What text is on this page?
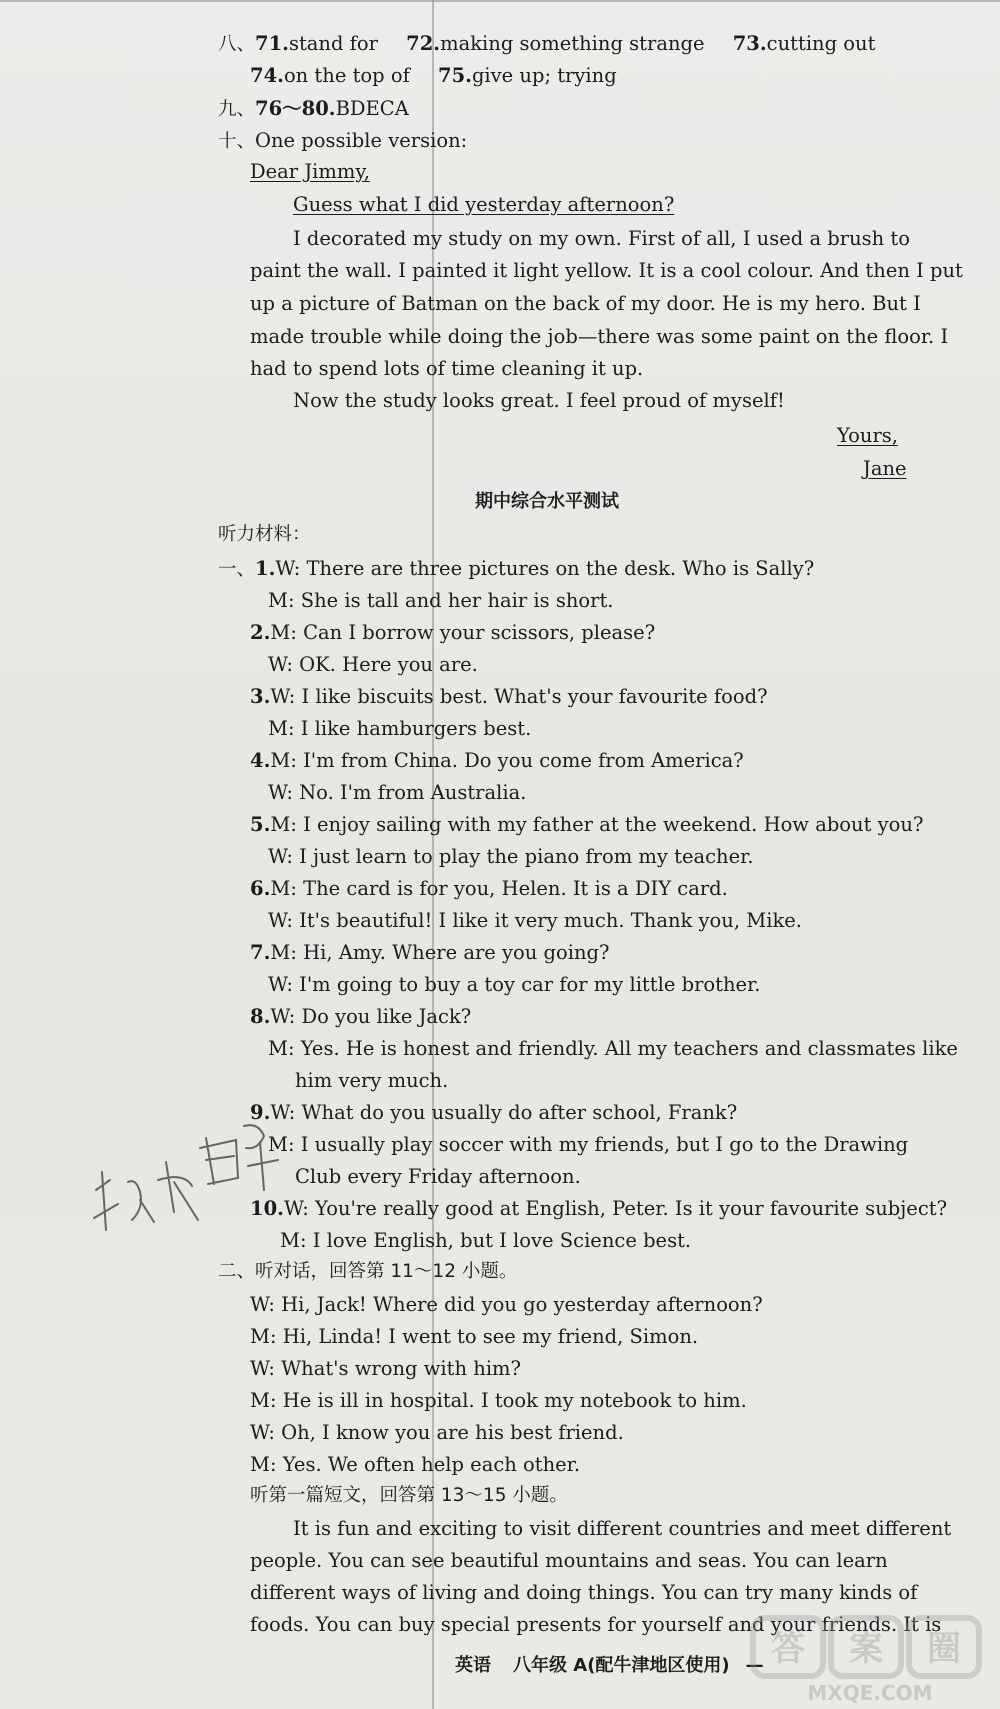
八、71.stand for 72.making something strange 73.cutting out
74.on the top of 75.give up; trying
九、76～80.BDECA
十、One possible version:
Dear Jimmy,
Guess what I did yesterday afternoon?
I decorated my study on my own. First of all, I used a brush to
paint the wall. I painted it light yellow. It is a cool colour. And then I put
up a picture of Batman on the back of my door. He is my hero. But I
made trouble while doing the job—there was some paint on the floor. I
had to spend lots of time cleaning it up.
Now the study looks great. I feel proud of myself!
Yours,
Jane
期中综合水平测试
听力材料：
一、1.W: There are three pictures on the desk. Who is Sally?
M: She is tall and her hair is short.
2.M: Can I borrow your scissors, please?
W: OK. Here you are.
3.W: I like biscuits best. What's your favourite food?
M: I like hamburgers best.
4.M: I'm from China. Do you come from America?
W: No. I'm from Australia.
5.M: I enjoy sailing with my father at the weekend. How about you?
W: I just learn to play the piano from my teacher.
6.M: The card is for you, Helen. It is a DIY card.
W: It's beautiful! I like it very much. Thank you, Mike.
7.M: Hi, Amy. Where are you going?
W: I'm going to buy a toy car for my little brother.
8.W: Do you like Jack?
M: Yes. He is honest and friendly. All my teachers and classmates like
him very much.
9.W: What do you usually do after school, Frank?
M: I usually play soccer with my friends, but I go to the Drawing
Club every Friday afternoon.
10.W: You're really good at English, Peter. Is it your favourite subject?
M: I love English, but I love Science best.
二、听对话，回答第 11～12 小题。
W: Hi, Jack! Where did you go yesterday afternoon?
M: Hi, Linda! I went to see my friend, Simon.
W: What's wrong with him?
M: He is ill in hospital. I took my notebook to him.
W: Oh, I know you are his best friend.
M: Yes. We often help each other.
听第一篇短文，回答第 13～15 小题。
It is fun and exciting to visit different countries and meet different
people. You can see beautiful mountains and seas. You can learn
different ways of living and doing things. You can try many kinds of
foods. You can buy special presents for yourself and your friends. It is
英语 八年级 A(配牛津地区使用) — 答 案 圈
MXQE.COM
